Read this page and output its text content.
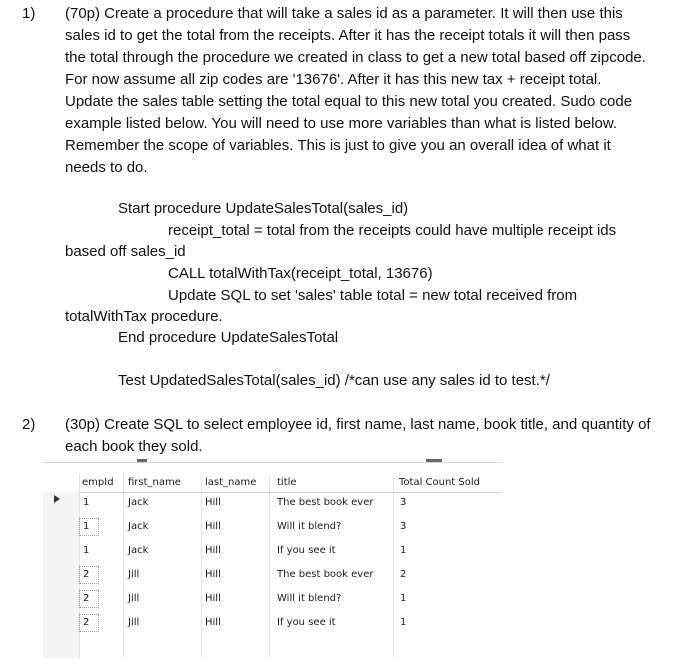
1) (70p) Create a procedure that will take a sales id as a parameter. It will then use this
sales id to get the total from the receipts. After it has the receipt totals it will then pass
the total through the procedure we created in class to get a new total based off zipcode.
For now assume all zip codes are '13676'. After it has this new tax + receipt total.
Update the sales table setting the total equal to this new total you created. Sudo code
example listed below. You will need to use more variables than what is listed below.
Remember the scope of variables. This is just to give you an overall idea of what it
needs to do.
Start procedure UpdateSalesTotal(sales_id)
receipt_total = total from the receipts could have multiple receipt ids
based off sales_id
CALL totalWithTax(receipt_total, 13676)
Update SQL to set 'sales' table total = new total received from
totalWithTax procedure.
End procedure UpdateSalesTotal
Test UpdatedSalesTotal(sales_id) /*can use any sales id to test.*/
2) (30p) Create SQL to select employee id, first name, last name, book title, and quantity of
each book they sold.
empId first_name last_name title	Total Count Sold
1	Jack	Hill	The best book ever	3
1	Jack	Hill	Will it blend?	3
1	Jack	Hill	If you see it	1
2	Jill	Hill	The best book ever	2
2	Jill	Hill	Will it blend?	1
2	Jill	Hill	If you see it	1
